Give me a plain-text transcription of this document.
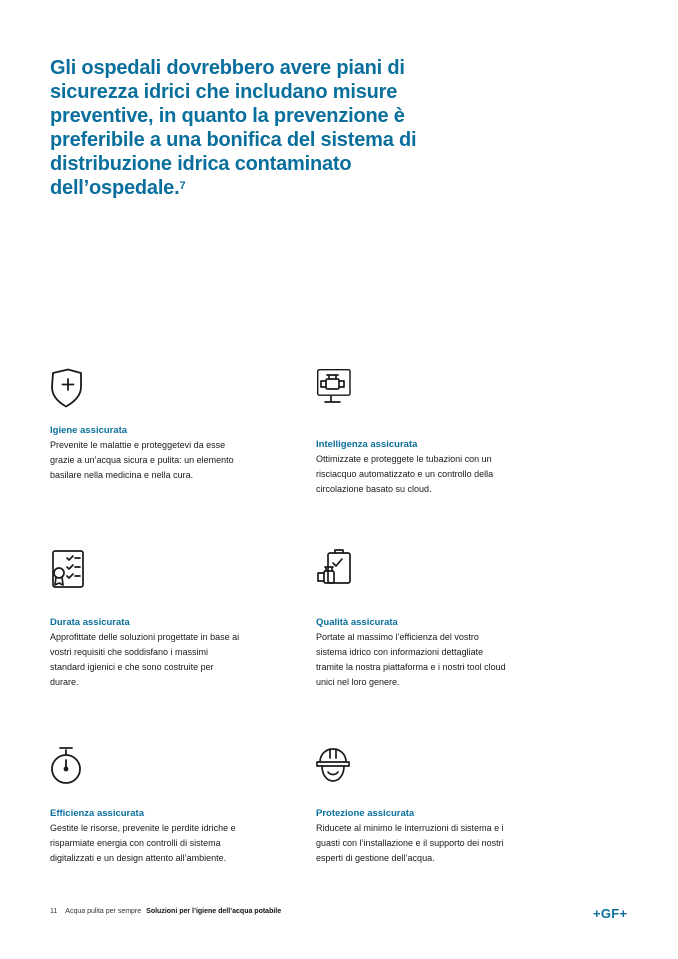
Gli ospedali dovrebbero avere piani di sicurezza idrici che includano misure preventive, in quanto la prevenzione è preferibile a una bonifica del sistema di distribuzione idrica contaminato dell’ospedale.$^7$
Igiene assicurata

Prevenite le malattie e proteggetevi da esse grazie a un’acqua sicura e pulita: un elemento basilare nella medicina e nella cura.

Intelligenza assicurata

Ottimizzate e proteggete le tubazioni con un risciacquo automatizzato e un controllo della circolazione basato su cloud.

Durata assicurata

Approfittate delle soluzioni progettate in base ai vostri requisiti che soddisfano i massimi standard igienici e che sono costruite per durare.

Qualità assicurata

Portate al massimo l’efficienza del vostro sistema idrico con informazioni dettagliate tramite la nostra piattaforma e i nostri tool cloud unici nel loro genere.

Efficienza assicurata

Gestite le risorse, prevenite le perdite idriche e risparmiate energia con controlli di sistema digitalizzati e un design attento all’ambiente.

Protezione assicurata

Riducete al minimo le interruzioni di sistema e i guasti con l’installazione e il supporto dei nostri esperti di gestione dell’acqua.

11 Acqua pulita per sempre Soluzioni per l’igiene dell’acqua potabile	+GF+
